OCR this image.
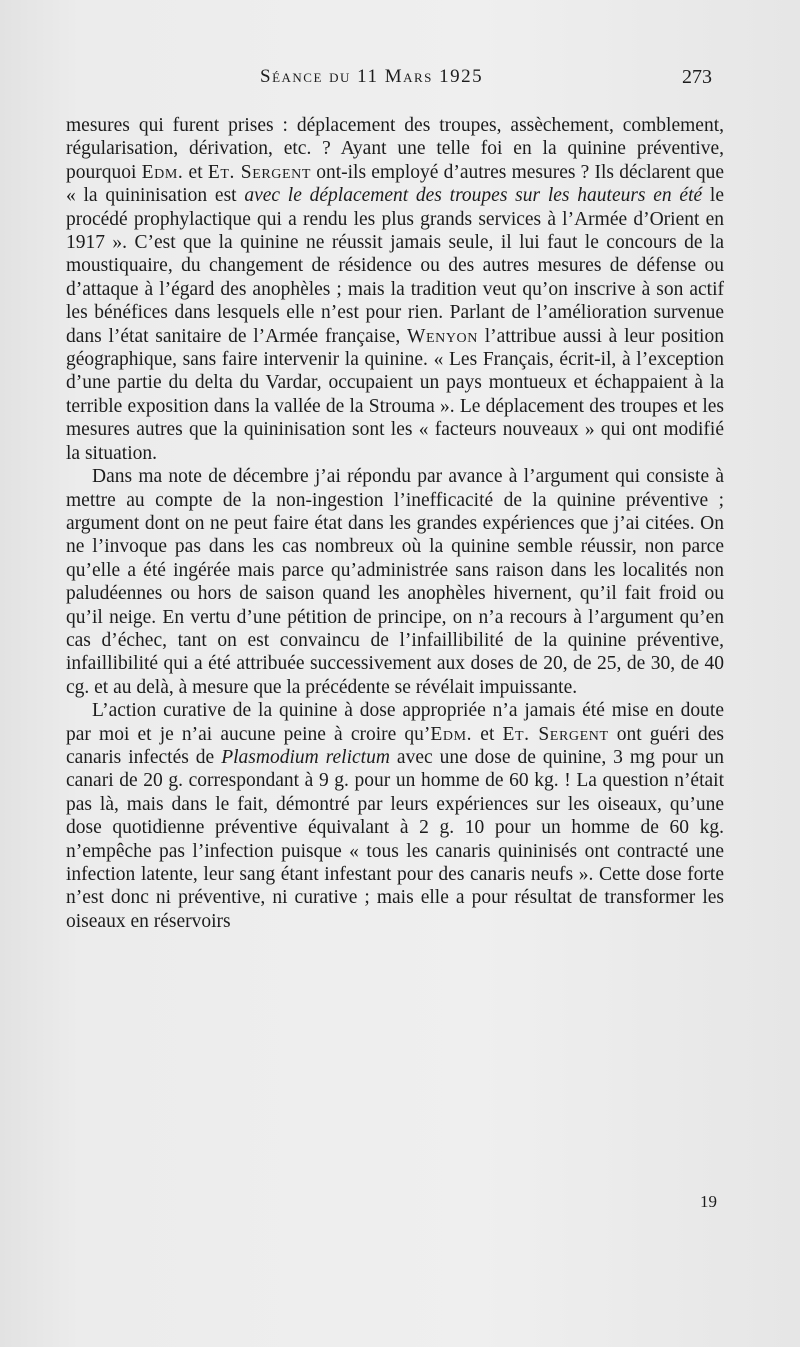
Séance du 11 Mars 1925	273

mesures qui furent prises : déplacement des troupes, assèchement, comblement, régularisation, dérivation, etc. ? Ayant une telle foi en la quinine préventive, pourquoi Edm. et Et. Sergent ont-ils employé d’autres mesures ? Ils déclarent que « la quininisation est avec le déplacement des troupes sur les hauteurs en été le procédé prophylactique qui a rendu les plus grands services à l’Armée d’Orient en 1917 ». C’est que la quinine ne réussit jamais seule, il lui faut le concours de la moustiquaire, du changement de résidence ou des autres mesures de défense ou d’attaque à l’égard des anophèles ; mais la tradition veut qu’on inscrive à son actif les bénéfices dans lesquels elle n’est pour rien. Parlant de l’amélioration survenue dans l’état sanitaire de l’Armée française, Wenyon l’attribue aussi à leur position géographique, sans faire intervenir la quinine. « Les Français, écrit-il, à l’exception d’une partie du delta du Vardar, occupaient un pays montueux et échappaient à la terrible exposition dans la vallée de la Strouma ». Le déplacement des troupes et les mesures autres que la quininisation sont les « facteurs nouveaux » qui ont modifié la situation.

Dans ma note de décembre j’ai répondu par avance à l’argument qui consiste à mettre au compte de la non-ingestion l’inefficacité de la quinine préventive ; argument dont on ne peut faire état dans les grandes expériences que j’ai citées. On ne l’invoque pas dans les cas nombreux où la quinine semble réussir, non parce qu’elle a été ingérée mais parce qu’administrée sans raison dans les localités non paludéennes ou hors de saison quand les anophèles hivernent, qu’il fait froid ou qu’il neige. En vertu d’une pétition de principe, on n’a recours à l’argument qu’en cas d’échec, tant on est convaincu de l’infaillibilité de la quinine préventive, infaillibilité qui a été attribuée successivement aux doses de 20, de 25, de 30, de 40 cg. et au delà, à mesure que la précédente se révélait impuissante.

L’action curative de la quinine à dose appropriée n’a jamais été mise en doute par moi et je n’ai aucune peine à croire qu’Edm. et Et. Sergent ont guéri des canaris infectés de Plasmodium relictum avec une dose de quinine, 3 mg pour un canari de 20 g. correspondant à 9 g. pour un homme de 60 kg. ! La question n’était pas là, mais dans le fait, démontré par leurs expériences sur les oiseaux, qu’une dose quotidienne préventive équivalant à 2 g. 10 pour un homme de 60 kg. n’empêche pas l’infection puisque « tous les canaris quininisés ont contracté une infection latente, leur sang étant infestant pour des canaris neufs ». Cette dose forte n’est donc ni préventive, ni curative ; mais elle a pour résultat de transformer les oiseaux en réservoirs

19
